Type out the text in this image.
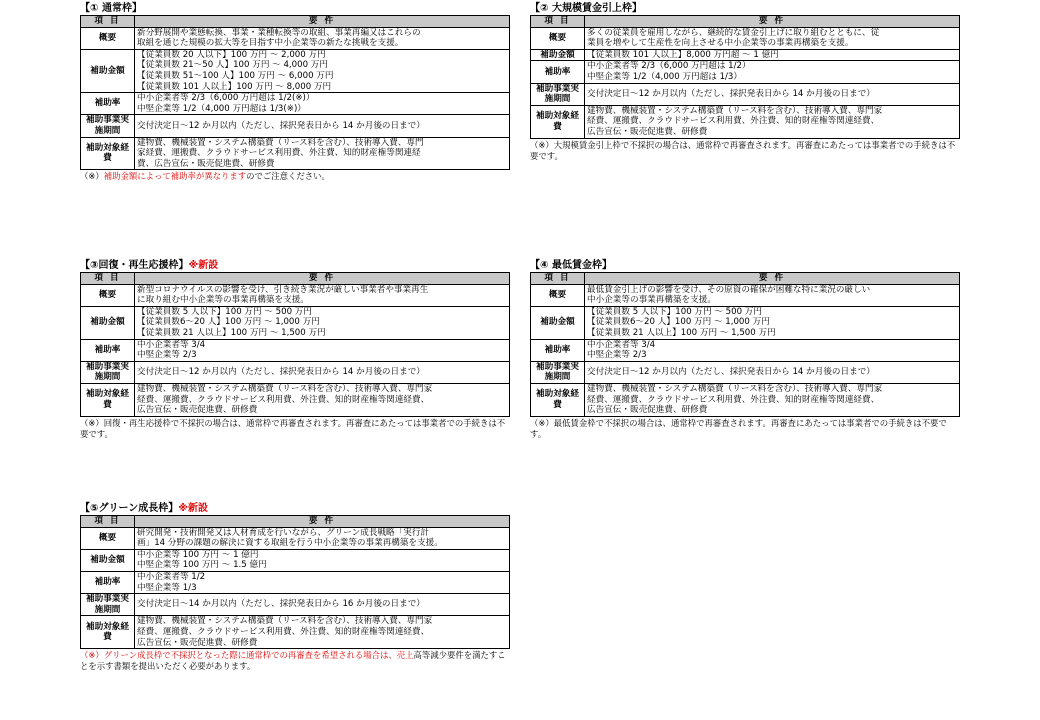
【① 通常枠】
項 目	要 件
概要	新分野展開や業態転換、事業・業種転換等の取組、事業再編又はこれらの
取組を通じた規模の拡大等を目指す中小企業等の新たな挑戦を支援。

補助金額	【従業員数 20 人以下】100 万円 ～ 2,000 万円
【従業員数 21～50 人】100 万円 ～ 4,000 万円
【従業員数 51～100 人】100 万円 ～ 6,000 万円
【従業員数 101 人以上】100 万円 ～ 8,000 万円

補助率	中小企業者等 2/3（6,000 万円超は 1/2(※)）
中堅企業等 1/2（4,000 万円超は 1/3(※)）

補助事業実施期間	交付決定日～12 か月以内（ただし、採択発表日から 14 か月後の日まで）

補助対象経費	建物費、機械装置・システム構築費（リース料を含む）、技術導入費、専門
家経費、運搬費、クラウドサービス利用費、外注費、知的財産権等関連経
費、広告宣伝・販売促進費、研修費
（※）補助金額によって補助率が異なりますのでご注意ください。
【② 大規模賃金引上枠】
項 目	要 件
概要	多くの従業員を雇用しながら、継続的な賃金引上げに取り組むとともに、従
業員を増やして生産性を向上させる中小企業等の事業再構築を支援。

補助金額	【従業員数 101 人以上】8,000 万円超 ～ 1 億円

補助率	中小企業者等 2/3（6,000 万円超は 1/2）
中堅企業等 1/2（4,000 万円超は 1/3）

補助事業実施期間	交付決定日～12 か月以内（ただし、採択発表日から 14 か月後の日まで）

補助対象経費	建物費、機械装置・システム構築費（リース料を含む）、技術導入費、専門家
経費、運搬費、クラウドサービス利用費、外注費、知的財産権等関連経費、
広告宣伝・販売促進費、研修費
（※）大規模賃金引上枠で不採択の場合は、通常枠で再審査されます。再審査にあたっては事業者での手続きは不要です。
【③回復・再生応援枠】※新設
項 目	要 件
概要	新型コロナウイルスの影響を受け、引き続き業況が厳しい事業者や事業再生
に取り組む中小企業等の事業再構築を支援。

補助金額	【従業員数 5 人以下】100 万円 ～ 500 万円
【従業員数6～20 人】100 万円 ～ 1,000 万円
【従業員数 21 人以上】100 万円 ～ 1,500 万円

補助率	中小企業者等 3/4
中堅企業等 2/3

補助事業実施期間	交付決定日～12 か月以内（ただし、採択発表日から 14 か月後の日まで）

補助対象経費	建物費、機械装置・システム構築費（リース料を含む）、技術導入費、専門家
経費、運搬費、クラウドサービス利用費、外注費、知的財産権等関連経費、
広告宣伝・販売促進費、研修費
（※）回復・再生応援枠で不採択の場合は、通常枠で再審査されます。再審査にあたっては事業者での手続きは不要です。
【④ 最低賃金枠】
項 目	要 件
概要	最低賃金引上げの影響を受け、その原資の確保が困難な特に業況の厳しい
中小企業等の事業再構築を支援。

補助金額	【従業員数 5 人以下】100 万円 ～ 500 万円
【従業員数6～20 人】100 万円 ～ 1,000 万円
【従業員数 21 人以上】100 万円 ～ 1,500 万円

補助率	中小企業者等 3/4
中堅企業等 2/3

補助事業実施期間	交付決定日～12 か月以内（ただし、採択発表日から 14 か月後の日まで）

補助対象経費	建物費、機械装置・システム構築費（リース料を含む）、技術導入費、専門家
経費、運搬費、クラウドサービス利用費、外注費、知的財産権等関連経費、
広告宣伝・販売促進費、研修費
（※）最低賃金枠で不採択の場合は、通常枠で再審査されます。再審査にあたっては事業者での手続きは不要です。
【⑤グリーン成長枠】※新設
項 目	要 件
概要	研究開発・技術開発又は人材育成を行いながら、グリーン成長戦略「実行計
画」14 分野の課題の解決に資する取組を行う中小企業等の事業再構築を支援。

補助金額	中小企業等 100 万円 ～ 1 億円
中堅企業等 100 万円 ～ 1.5 億円

補助率	中小企業者等 1/2
中堅企業等 1/3

補助事業実施期間	交付決定日～14 か月以内（ただし、採択発表日から 16 か月後の日まで）

補助対象経費	建物費、機械装置・システム構築費（リース料を含む）、技術導入費、専門家
経費、運搬費、クラウドサービス利用費、外注費、知的財産権等関連経費、
広告宣伝・販売促進費、研修費
（※）グリーン成長枠で不採択となった際に通常枠での再審査を希望される場合は、売上高等減少要件を満たすことを示す書類を提出いただく必要があります。
